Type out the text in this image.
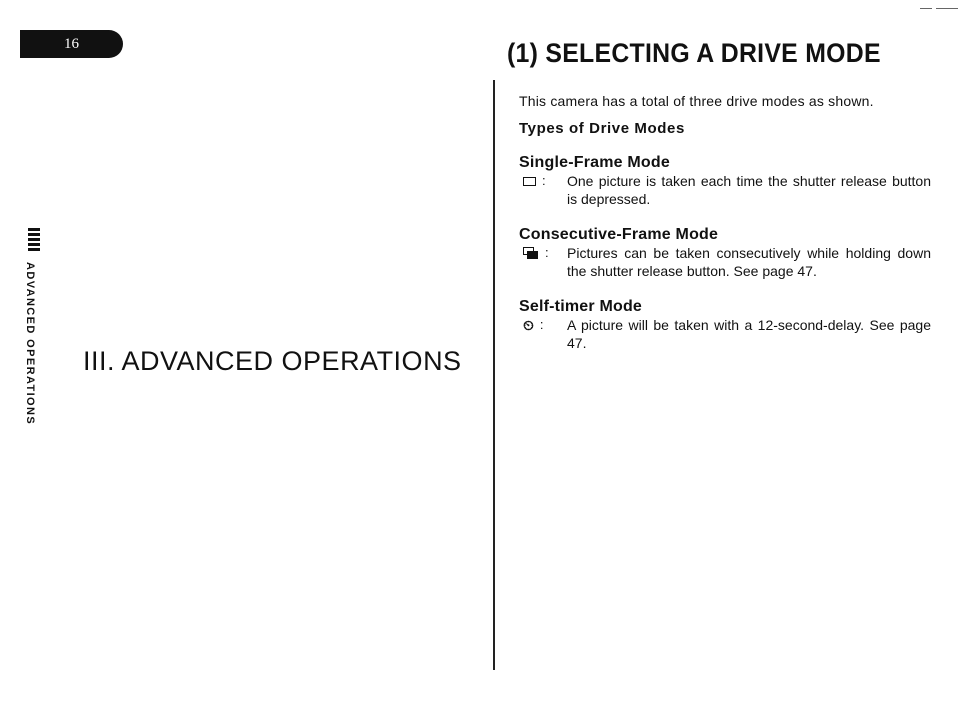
16
ADVANCED OPERATIONS III. ADVANCED OPERATIONS
(1) SELECTING A DRIVE MODE

This camera has a total of three drive modes as shown.

Types of Drive Modes

Single-Frame Mode

: One picture is taken each time the shutter release button is depressed.

Consecutive-Frame Mode

: Pictures can be taken consecutively while holding down the shutter release button. See page 47.

Self-timer Mode

⏲ : A picture will be taken with a 12-second-delay. See page 47.
